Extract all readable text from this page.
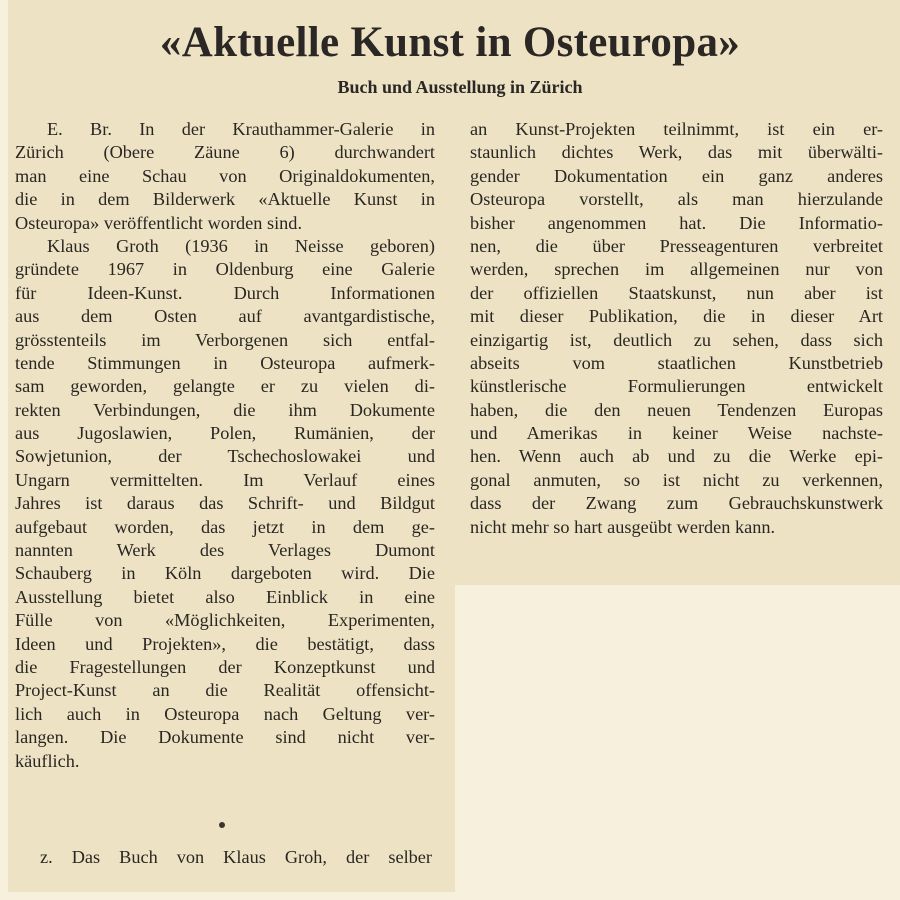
«Aktuelle Kunst in Osteuropa»
Buch und Ausstellung in Zürich
E. Br. In der Krauthammer-Galerie in
Zürich (Obere Zäune 6) durchwandert
man eine Schau von Originaldokumenten,
die in dem Bilderwerk «Aktuelle Kunst in
Osteuropa» veröffentlicht worden sind.
Klaus Groth (1936 in Neisse geboren)
gründete 1967 in Oldenburg eine Galerie
für Ideen-Kunst. Durch Informationen
aus dem Osten auf avantgardistische,
grösstenteils im Verborgenen sich entfal-
tende Stimmungen in Osteuropa aufmerk-
sam geworden, gelangte er zu vielen di-
rekten Verbindungen, die ihm Dokumente
aus Jugoslawien, Polen, Rumänien, der
Sowjetunion, der Tschechoslowakei und
Ungarn vermittelten. Im Verlauf eines
Jahres ist daraus das Schrift- und Bildgut
aufgebaut worden, das jetzt in dem ge-
nannten Werk des Verlages Dumont
Schauberg in Köln dargeboten wird. Die
Ausstellung bietet also Einblick in eine
Fülle von «Möglichkeiten, Experimenten,
Ideen und Projekten», die bestätigt, dass
die Fragestellungen der Konzeptkunst und
Project-Kunst an die Realität offensicht-
lich auch in Osteuropa nach Geltung ver-
langen. Die Dokumente sind nicht ver-
käuflich.
an Kunst-Projekten teilnimmt, ist ein er-
staunlich dichtes Werk, das mit überwälti-
gender Dokumentation ein ganz anderes
Osteuropa vorstellt, als man hierzulande
bisher angenommen hat. Die Informatio-
nen, die über Presseagenturen verbreitet
werden, sprechen im allgemeinen nur von
der offiziellen Staatskunst, nun aber ist
mit dieser Publikation, die in dieser Art
einzigartig ist, deutlich zu sehen, dass sich
abseits vom staatlichen Kunstbetrieb
künstlerische Formulierungen entwickelt
haben, die den neuen Tendenzen Europas
und Amerikas in keiner Weise nachste-
hen. Wenn auch ab und zu die Werke epi-
gonal anmuten, so ist nicht zu verkennen,
dass der Zwang zum Gebrauchskunstwerk
nicht mehr so hart ausgeübt werden kann.
z. Das Buch von Klaus Groh, der selber
